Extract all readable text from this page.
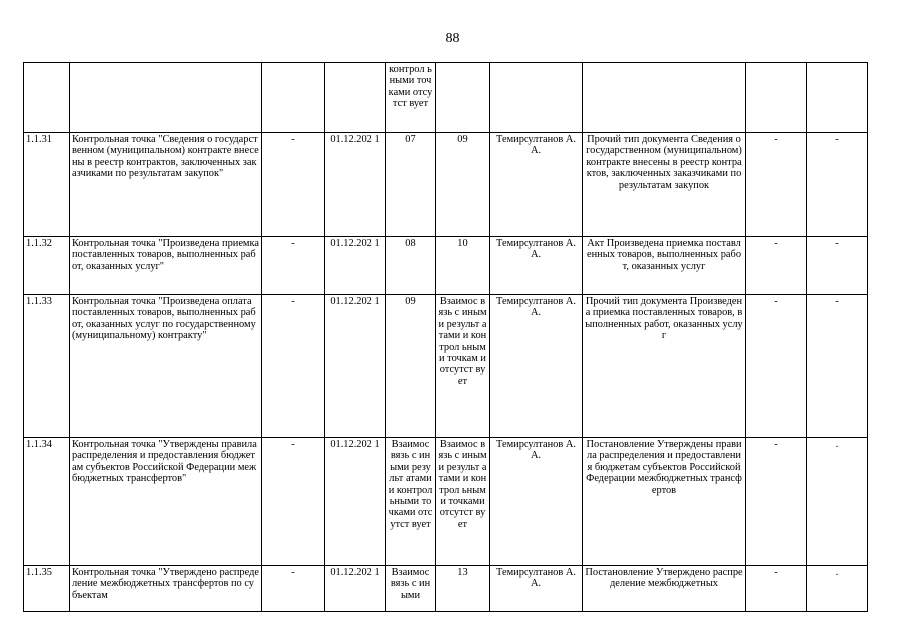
88
				контрол ьными точками отсутст вует					
1.1.31	Контрольная точка "Сведения о государственном (муниципальном) контракте внесены в реестр контрактов, заключенных заказчиками по результатам закупок"	-	01.12.202 1	07	09	Темирсултанов А.А.	Прочий тип документа Сведения о государственном (муниципальном) контракте внесены в реестр контрактов, заключенных заказчиками по результатам закупок	-	-
1.1.32	Контрольная точка "Произведена приемка поставленных товаров, выполненных работ, оказанных услуг"	-	01.12.202 1	08	10	Темирсултанов А.А.	Акт Произведена приемка поставленных товаров, выполненных работ, оказанных услуг	-	-
1.1.33	Контрольная точка "Произведена оплата поставленных товаров, выполненных работ, оказанных услуг по государственному (муниципальному) контракту"	-	01.12.202 1	09	Взаимос вязь с иными результ атами и контрол ьными точкам и отсутст вует	Темирсултанов А.А.	Прочий тип документа Произведена приемка поставленных товаров, выполненных работ, оказанных услуг	-	-
1.1.34	Контрольная точка "Утверждены правила распределения и предоставления бюджетам субъектов Российской Федерации межбюджетных трансфертов"	-	01.12.202 1	Взаимос вязь с иными результ атами и контрол ьными точками отсутст вует	Взаимос вязь с иными результ атами и контрол ьными точками отсутст вует	Темирсултанов А.А.	Постановление Утверждены правила распределения и предоставления бюджетам субъектов Российской Федерации межбюджетных трансфертов	-	.
1.1.35	Контрольная точка "Утверждено распределение межбюджетных трансфертов по субъектам	-	01.12.202 1	Взаимос вязь с иными	13	Темирсултанов А.А.	Постановление Утверждено распределение межбюджетных	-	.
